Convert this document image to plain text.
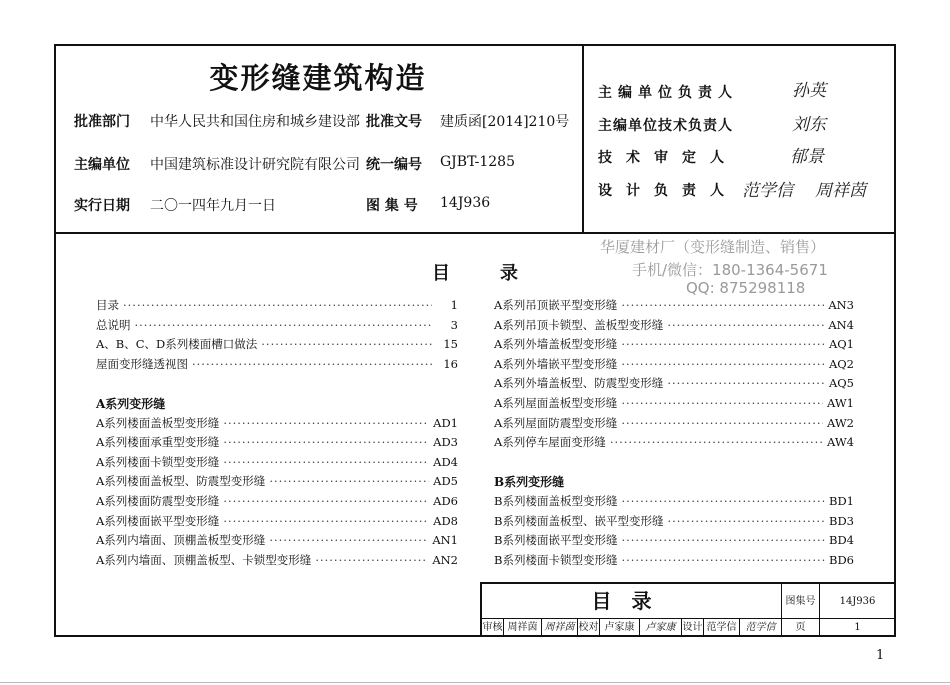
变形缝建筑构造
批准部门 中华人民共和国住房和城乡建设部 批准文号 建质函[2014]210号
主编单位 中国建筑标准设计研究院有限公司 统一编号 GJBT-1285
实行日期 二〇一四年九月一日	图 集 号 14J936
主编单位负责人	孙英
主编单位技术负责人	刘东
技术审定人	郁景
设计负责人 范学信 周祥茵
目	录
华厦建材厂（变形缝制造、销售）
手机/微信：180-1364-5671
QQ: 875298118
目录 ·····	1
总说明 ·····	3
A、B、C、D系列楼面槽口做法 ·····	15
屋面变形缝透视图 ·····	16
A系列变形缝
A系列楼面盖板型变形缝 ·····	AD1
A系列楼面承重型变形缝 ·····	AD3
A系列楼面卡锁型变形缝 ·····	AD4
A系列楼面盖板型、防震型变形缝 ·····	AD5
A系列楼面防震型变形缝 ·····	AD6
A系列楼面嵌平型变形缝 ·····	AD8
A系列内墙面、顶棚盖板型变形缝 ·····	AN1
A系列内墙面、顶棚盖板型、卡锁型变形缝 ·····	AN2
A系列吊顶嵌平型变形缝 ·····	AN3
A系列吊顶卡锁型、盖板型变形缝 ·····	AN4
A系列外墙盖板型变形缝 ·····	AQ1
A系列外墙嵌平型变形缝 ·····	AQ2
A系列外墙盖板型、防震型变形缝 ·····	AQ5
A系列屋面盖板型变形缝 ·····	AW1
A系列屋面防震型变形缝 ·····	AW2
A系列停车屋面变形缝 ·····	AW4
B系列变形缝
B系列楼面盖板型变形缝 ·····	BD1
B系列楼面盖板型、嵌平型变形缝 ·····	BD3
B系列楼面嵌平型变形缝 ·····	BD4
B系列楼面卡锁型变形缝 ·····	BD6
目录	图集号	14J936
审核 周祥茵 周祥茵 校对 卢家康	卢家康 设计 范学信 范学信	页	1
1
